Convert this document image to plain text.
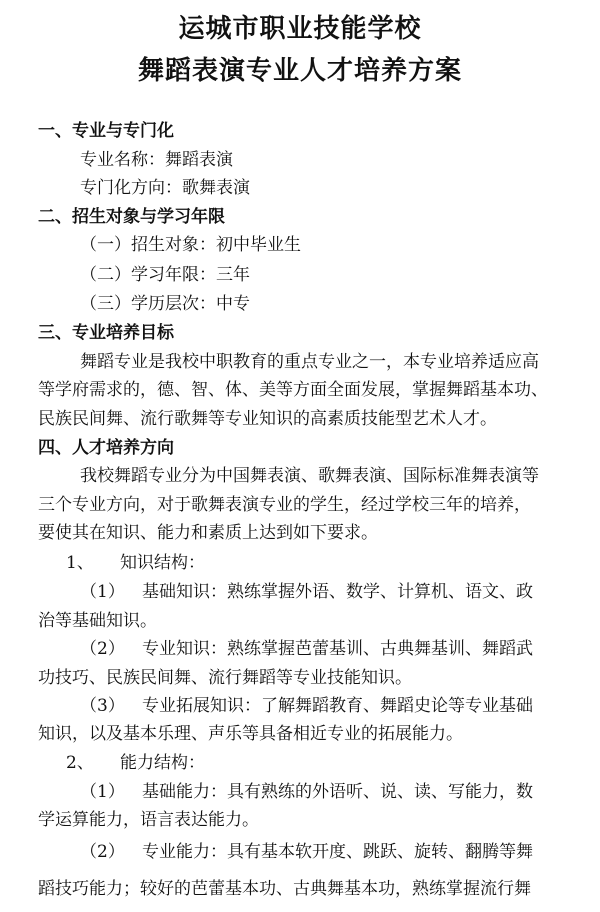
运城市职业技能学校
舞蹈表演专业人才培养方案
一、专业与专门化
专业名称：舞蹈表演
专门化方向：歌舞表演
二、招生对象与学习年限
（一）招生对象：初中毕业生
（二）学习年限：三年
（三）学历层次：中专
三、专业培养目标
舞蹈专业是我校中职教育的重点专业之一，本专业培养适应高
等学府需求的，德、智、体、美等方面全面发展，掌握舞蹈基本功、
民族民间舞、流行歌舞等专业知识的高素质技能型艺术人才。
四、人才培养方向
我校舞蹈专业分为中国舞表演、歌舞表演、国际标准舞表演等
三个专业方向，对于歌舞表演专业的学生，经过学校三年的培养，
要使其在知识、能力和素质上达到如下要求。
1、 知识结构：
（1） 基础知识：熟练掌握外语、数学、计算机、语文、政
治等基础知识。
（2） 专业知识：熟练掌握芭蕾基训、古典舞基训、舞蹈武
功技巧、民族民间舞、流行舞蹈等专业技能知识。
（3） 专业拓展知识：了解舞蹈教育、舞蹈史论等专业基础
知识，以及基本乐理、声乐等具备相近专业的拓展能力。
2、 能力结构：
（1） 基础能力：具有熟练的外语听、说、读、写能力，数
学运算能力，语言表达能力。
（2） 专业能力：具有基本软开度、跳跃、旋转、翻腾等舞
蹈技巧能力；较好的芭蕾基本功、古典舞基本功，熟练掌握流行舞
